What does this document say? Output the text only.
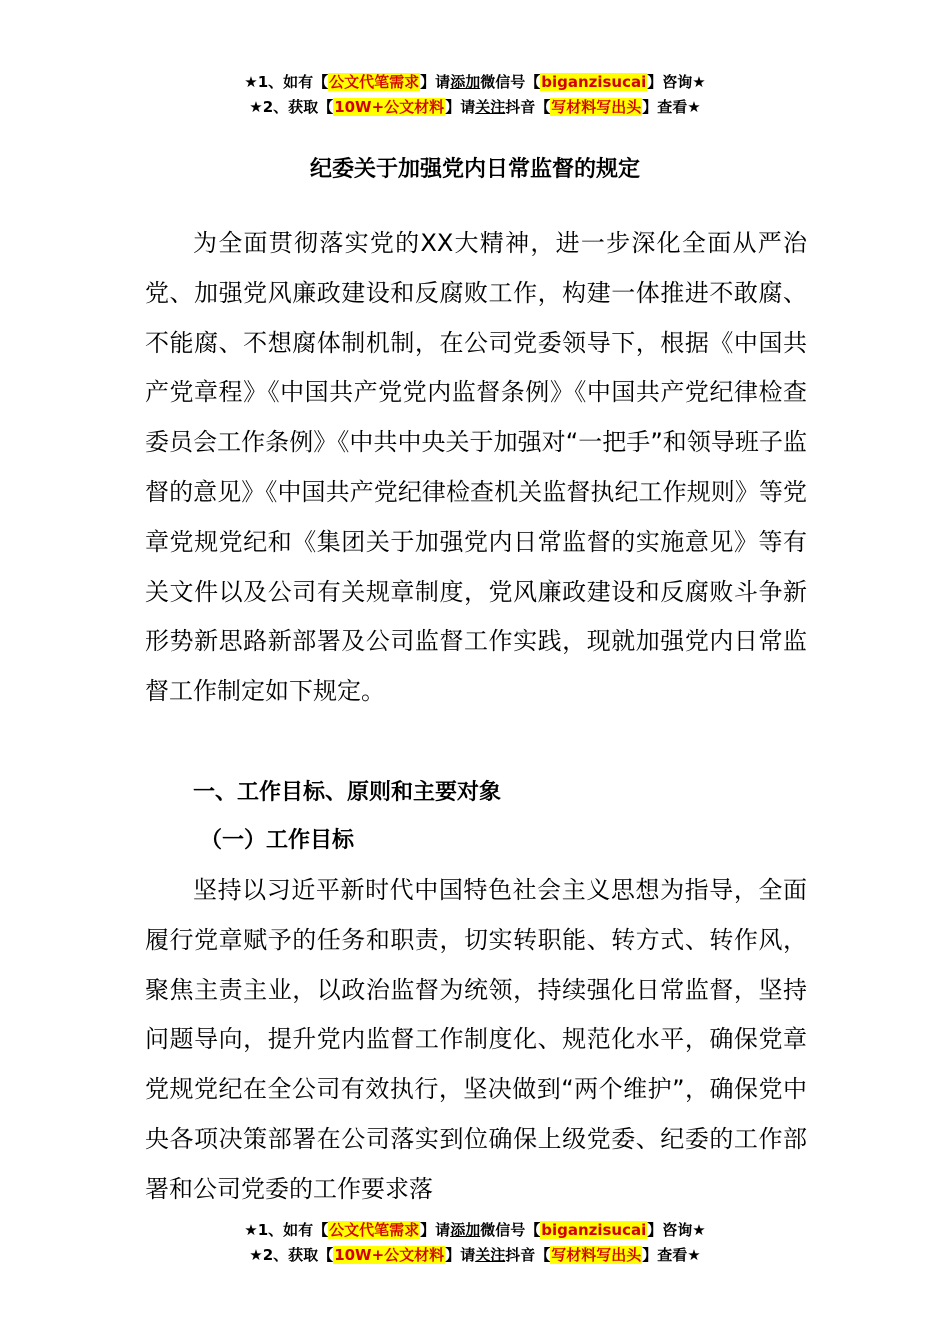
★1、如有【公文代笔需求】请添加微信号【biganzisucai】咨询★
★2、获取【10W+公文材料】请关注抖音【写材料写出头】查看★
纪委关于加强党内日常监督的规定

为全面贯彻落实党的XX大精神，进一步深化全面从严治党、加强党风廉政建设和反腐败工作，构建一体推进不敢腐、不能腐、不想腐体制机制，在公司党委领导下，根据《中国共产党章程》《中国共产党党内监督条例》《中国共产党纪律检查委员会工作条例》《中共中央关于加强对“一把手”和领导班子监督的意见》《中国共产党纪律检查机关监督执纪工作规则》等党章党规党纪和《集团关于加强党内日常监督的实施意见》等有关文件以及公司有关规章制度，党风廉政建设和反腐败斗争新形势新思路新部署及公司监督工作实践，现就加强党内日常监督工作制定如下规定。

一、工作目标、原则和主要对象
（一）工作目标

坚持以习近平新时代中国特色社会主义思想为指导，全面履行党章赋予的任务和职责，切实转职能、转方式、转作风，聚焦主责主业，以政治监督为统领，持续强化日常监督，坚持问题导向，提升党内监督工作制度化、规范化水平，确保党章党规党纪在全公司有效执行，坚决做到“两个维护”，确保党中央各项决策部署在公司落实到位确保上级党委、纪委的工作部署和公司党委的工作要求落

★1、如有【公文代笔需求】请添加微信号【biganzisucai】咨询★
★2、获取【10W+公文材料】请关注抖音【写材料写出头】查看★
